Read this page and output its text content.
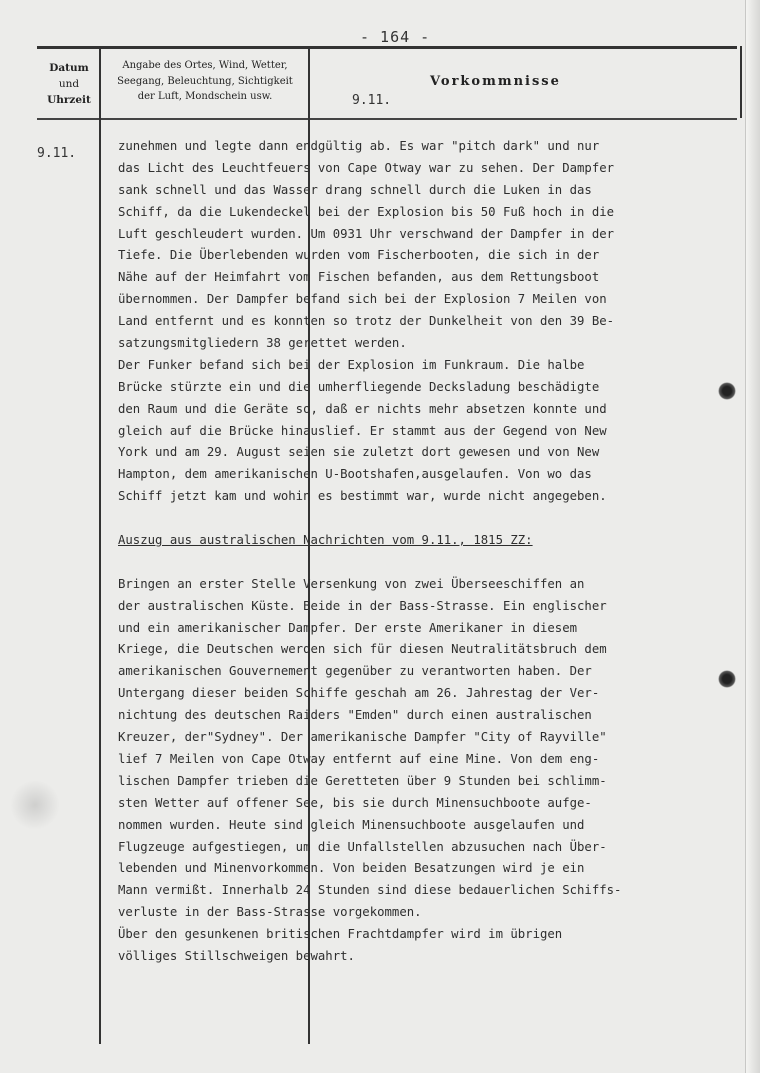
- 164 -
Datum
und
Uhrzeit
Angabe des Ortes, Wind, Wetter,
Seegang, Beleuchtung, Sichtigkeit
der Luft, Mondschein usw.
Vorkommnisse
9.11.
9.11.	zunehmen und legte dann endgültig ab. Es war "pitch dark" und nur
das Licht des Leuchtfeuers von Cape Otway war zu sehen. Der Dampfer
sank schnell und das Wasser drang schnell durch die Luken in das
Schiff, da die Lukendeckel bei der Explosion bis 50 Fuß hoch in die
Luft geschleudert wurden. Um 0931 Uhr verschwand der Dampfer in der
Tiefe. Die Überlebenden wurden vom Fischerbooten, die sich in der
Nähe auf der Heimfahrt vom Fischen befanden, aus dem Rettungsboot
übernommen. Der Dampfer befand sich bei der Explosion 7 Meilen von
Land entfernt und es konnten so trotz der Dunkelheit von den 39 Be-
satzungsmitgliedern 38 gerettet werden.
Der Funker befand sich bei der Explosion im Funkraum. Die halbe
Brücke stürzte ein und die umherfliegende Decksladung beschädigte
den Raum und die Geräte so, daß er nichts mehr absetzen konnte und
gleich auf die Brücke hinauslief. Er stammt aus der Gegend von New
York und am 29. August seien sie zuletzt dort gewesen und von New
Hampton, dem amerikanischen U-Bootshafen,ausgelaufen. Von wo das
Schiff jetzt kam und wohin es bestimmt war, wurde nicht angegeben.
Auszug aus australischen Nachrichten vom 9.11., 1815 ZZ:
Bringen an erster Stelle Versenkung von zwei Überseeschiffen an
der australischen Küste. Beide in der Bass-Strasse. Ein englischer
und ein amerikanischer Dampfer. Der erste Amerikaner in diesem
Kriege, die Deutschen werden sich für diesen Neutralitätsbruch dem
amerikanischen Gouvernement gegenüber zu verantworten haben. Der
Untergang dieser beiden Schiffe geschah am 26. Jahrestag der Ver-
nichtung des deutschen Raiders "Emden" durch einen australischen
Kreuzer, der"Sydney". Der amerikanische Dampfer "City of Rayville"
lief 7 Meilen von Cape Otway entfernt auf eine Mine. Von dem eng-
lischen Dampfer trieben die Geretteten über 9 Stunden bei schlimm-
sten Wetter auf offener See, bis sie durch Minensuchboote aufge-
nommen wurden. Heute sind gleich Minensuchboote ausgelaufen und
Flugzeuge aufgestiegen, um die Unfallstellen abzusuchen nach Über-
lebenden und Minenvorkommen. Von beiden Besatzungen wird je ein
Mann vermißt. Innerhalb 24 Stunden sind diese bedauerlichen Schiffs-
verluste in der Bass-Strasse vorgekommen.
Über den gesunkenen britischen Frachtdampfer wird im übrigen
völliges Stillschweigen bewahrt.
